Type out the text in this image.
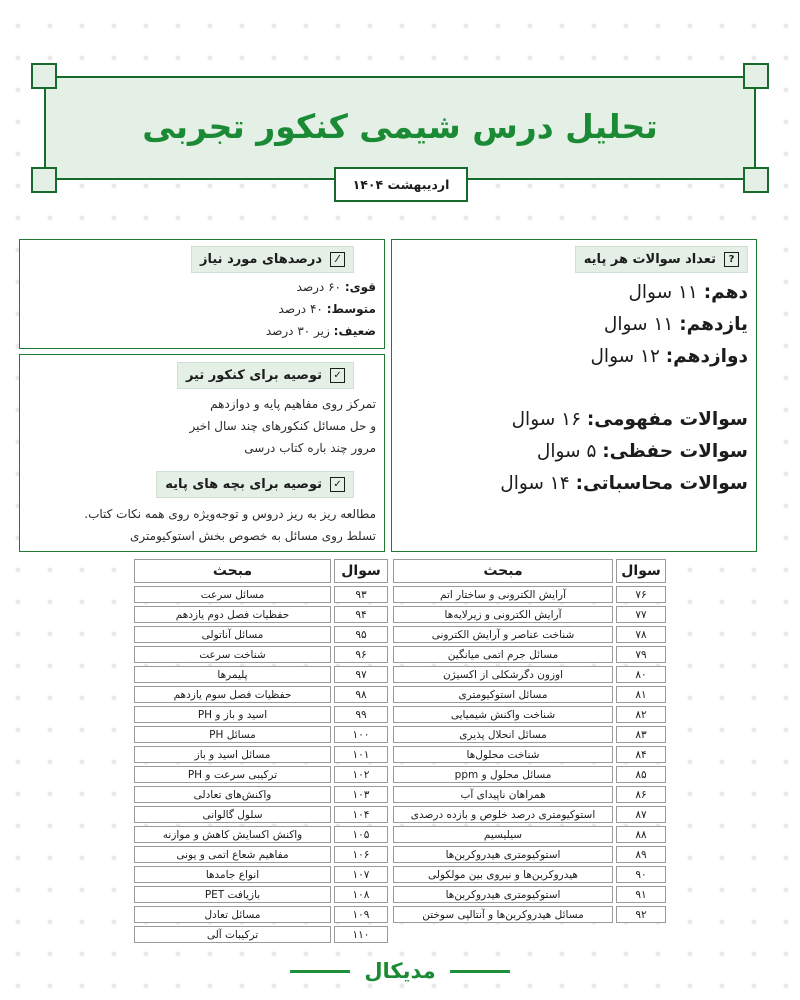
تحلیل درس شیمی کنکور تجربی
اردیبهشت ۱۴۰۴
?
تعداد سوالات هر پایه
دهم: ۱۱ سوال
یازدهم: ۱۱ سوال
دوازدهم: ۱۲ سوال
سوالات مفهومی: ۱۶ سوال
سوالات حفظی: ۵ سوال
سوالات محاسباتی: ۱۴ سوال
⁄
درصدهای مورد نیاز
قوی: ۶۰ درصد
متوسط: ۴۰ درصد
ضعیف: زیر ۳۰ درصد
✓
توصیه برای کنکور تیر
تمرکز روی مفاهیم پایه و دوازدهم
و حل مسائل کنکورهای چند سال اخیر
مرور چند باره کتاب درسی
✓
توصیه برای بچه های پایه
مطالعه ریز به ریز دروس و توجه‌ویژه روی همه نکات کتاب.
تسلط روی مسائل به خصوص بخش استوکیومتری
سوال		مبحث
۷۶		آرایش الکترونی و ساختار اتم
۷۷		آرایش الکترونی و زیرلایه‌ها
۷۸		شناخت عناصر و آرایش الکترونی
۷۹		مسائل جرم اتمی میانگین
۸۰		اوزون دگرشکلی از اکسیژن
۸۱		مسائل استوکیومتری
۸۲		شناخت واکنش شیمیایی
۸۳		مسائل انحلال پذیری
۸۴		شناخت محلول‌ها
۸۵		مسائل محلول و ppm
۸۶		همراهان ناپیدای آب
۸۷		استوکیومتری درصد خلوص و بازده درصدی
۸۸		سیلیسیم
۸۹		استوکیومتری هیدروکربن‌ها
۹۰		هیدروکربن‌ها و نیروی بین مولکولی
۹۱		استوکیومتری هیدروکربن‌ها
۹۲		مسائل هیدروکربن‌ها و آنتالپی سوختن
سوال		مبحث
۹۳		مسائل سرعت
۹۴		حفظیات فصل دوم یازدهم
۹۵		مسائل آناتولی
۹۶		شناخت سرعت
۹۷		پلیمرها
۹۸		حفظیات فصل سوم یازدهم
۹۹		اسید و باز و PH
۱۰۰		مسائل PH
۱۰۱		مسائل اسید و باز
۱۰۲		ترکیبی سرعت و PH
۱۰۳		واکنش‌های تعادلی
۱۰۴		سلول گالوانی
۱۰۵		واکنش اکسایش کاهش و موازنه
۱۰۶		مفاهیم شعاع اتمی و یونی
۱۰۷		انواع جامدها
۱۰۸		بازیافت PET
۱۰۹		مسائل تعادل
۱۱۰		ترکیبات آلی
مدیکال
